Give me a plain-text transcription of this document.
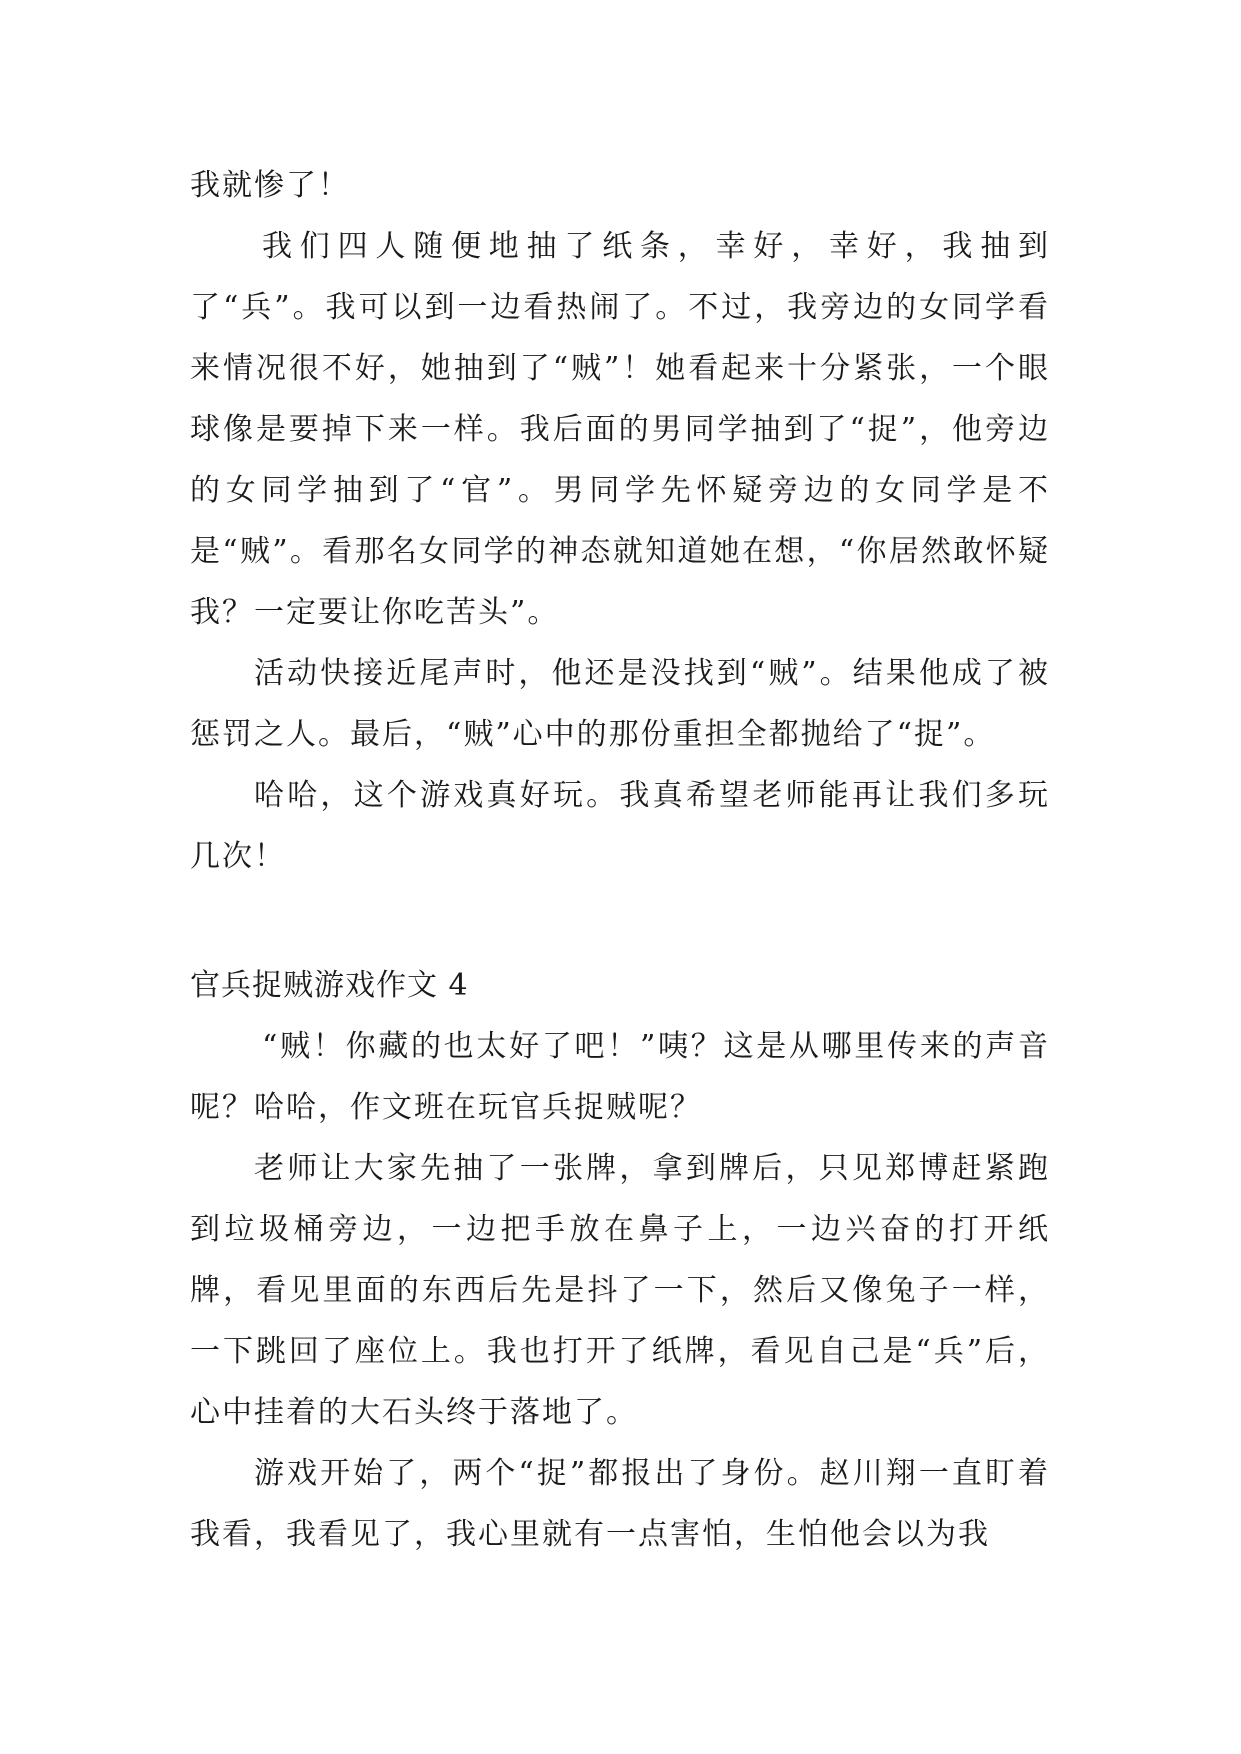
我就惨了！

我们四人随便地抽了纸条，幸好，幸好，我抽到了“兵”。我可以到一边看热闹了。不过，我旁边的女同学看来情况很不好，她抽到了“贼”！她看起来十分紧张，一个眼球像是要掉下来一样。我后面的男同学抽到了“捉”，他旁边的女同学抽到了“官”。男同学先怀疑旁边的女同学是不是“贼”。看那名女同学的神态就知道她在想，“你居然敢怀疑我？一定要让你吃苦头”。

活动快接近尾声时，他还是没找到“贼”。结果他成了被惩罚之人。最后，“贼”心中的那份重担全都抛给了“捉”。

哈哈，这个游戏真好玩。我真希望老师能再让我们多玩几次！

官兵捉贼游戏作文 4

“贼！你藏的也太好了吧！”咦？这是从哪里传来的声音呢？哈哈，作文班在玩官兵捉贼呢？

老师让大家先抽了一张牌，拿到牌后，只见郑博赶紧跑到垃圾桶旁边，一边把手放在鼻子上，一边兴奋的打开纸牌，看见里面的东西后先是抖了一下，然后又像兔子一样，一下跳回了座位上。我也打开了纸牌，看见自己是“兵”后，心中挂着的大石头终于落地了。

游戏开始了，两个“捉”都报出了身份。赵川翔一直盯着我看，我看见了，我心里就有一点害怕，生怕他会以为我
